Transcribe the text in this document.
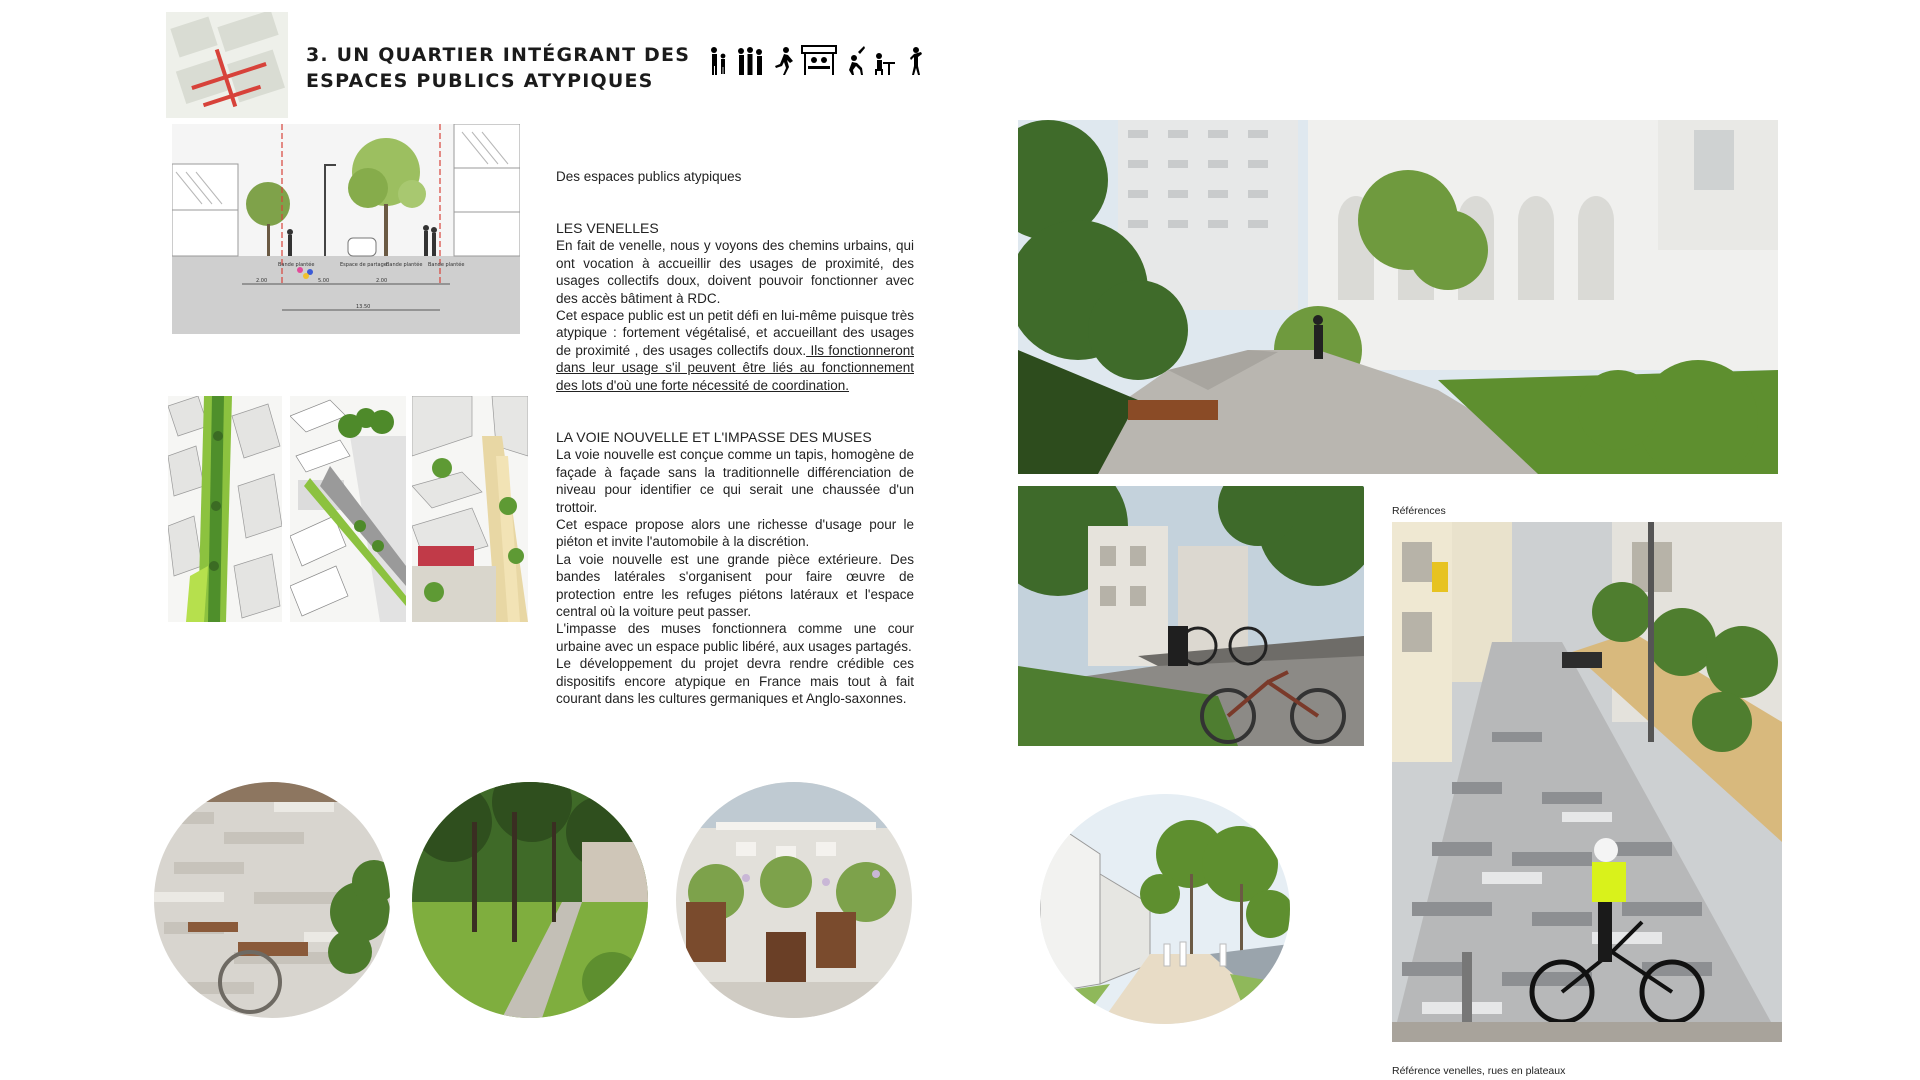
3. UN QUARTIER INTÉGRANT DES
ESPACES PUBLICS ATYPIQUES
Bande plantée	Espace de partage Bande plantée Bande plantée
2.00	5.00	2.00
13.50

Des espaces publics atypiques

LES VENELLES

En fait de venelle, nous y voyons des chemins urbains, qui ont vocation à accueillir des usages de proximité, des usages collectifs doux, doivent pouvoir fonctionner avec des accès bâtiment à RDC.

Cet espace public est un petit défi en lui-même puisque très atypique : fortement végétalisé, et accueillant des usages de proximité , des usages collectifs doux. Ils fonctionneront dans leur usage s'il peuvent être liés au fonctionnement des lots d'où une forte nécessité de coordination.

LA VOIE NOUVELLE ET L'IMPASSE DES MUSES

La voie nouvelle est conçue comme un tapis, homogène de façade à façade sans la traditionnelle différenciation de niveau pour identifier ce qui serait une chaussée d'un trottoir.

Cet espace propose alors une richesse d'usage pour le piéton et invite l'automobile à la discrétion.

La voie nouvelle est une grande pièce extérieure. Des bandes latérales s'organisent pour faire œuvre de protection entre les refuges piétons latéraux et l'espace central où la voiture peut passer.

L'impasse des muses fonctionnera comme une cour urbaine avec un espace public libéré, aux usages partagés.

Le développement du projet devra rendre crédible ces dispositifs encore atypique en France mais tout à fait courant dans les cultures germaniques et Anglo-saxonnes.

Références
Référence venelles, rues en plateaux
